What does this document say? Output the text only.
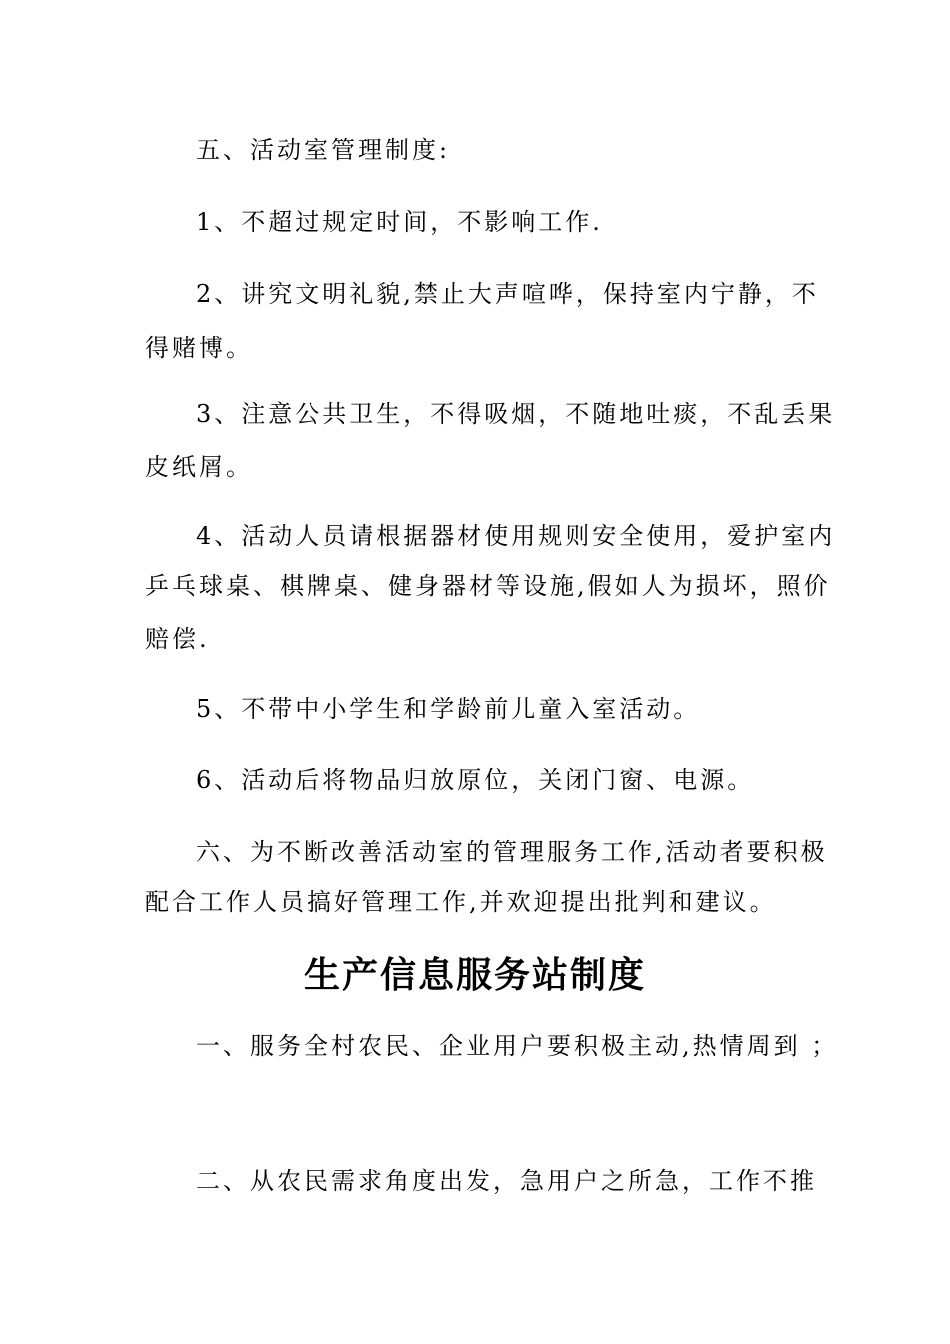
五、活动室管理制度:
1、不超过规定时间，不影响工作.
2、讲究文明礼貌,禁止大声喧哗，保持室内宁静，不
得赌博。
3、注意公共卫生，不得吸烟，不随地吐痰，不乱丢果
皮纸屑。
4、活动人员请根据器材使用规则安全使用，爱护室内
乒乓球桌、棋牌桌、健身器材等设施,假如人为损坏，照价
赔偿.
5、不带中小学生和学龄前儿童入室活动。
6、活动后将物品归放原位，关闭门窗、电源。
六、为不断改善活动室的管理服务工作,活动者要积极
配合工作人员搞好管理工作,并欢迎提出批判和建议。
生产信息服务站制度
一、服务全村农民、企业用户要积极主动,热情周到 ；
二、从农民需求角度出发，急用户之所急，工作不推
